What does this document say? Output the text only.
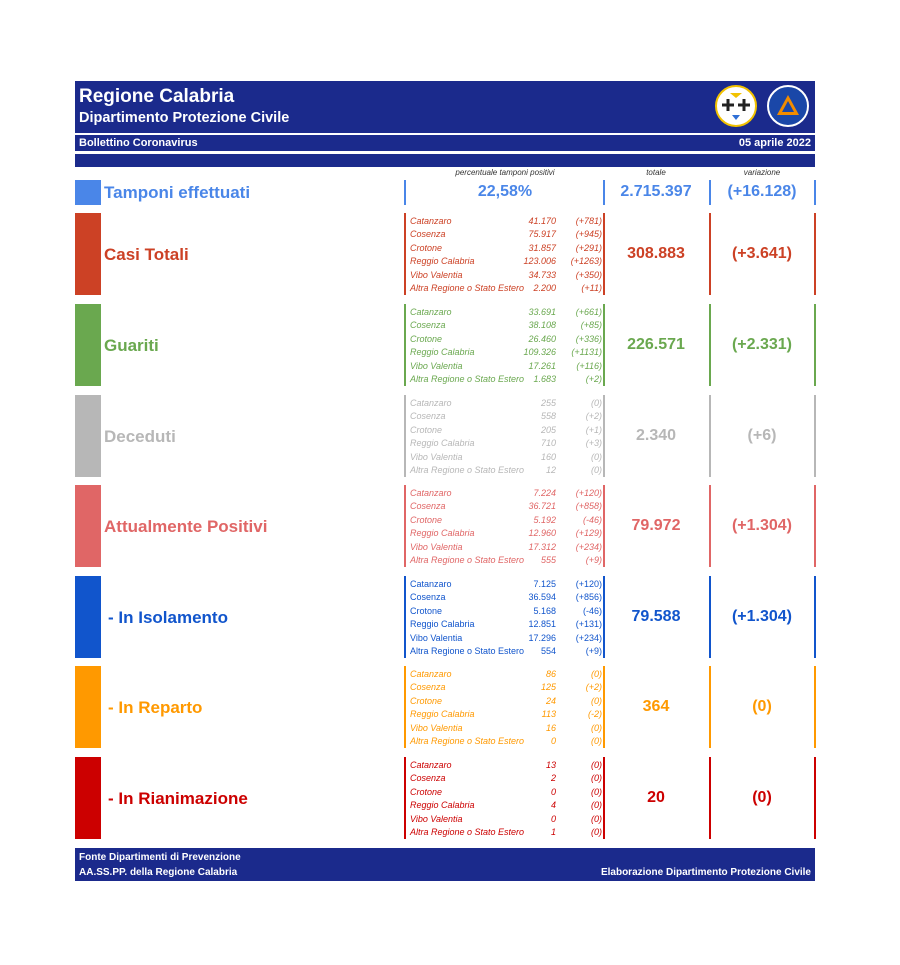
Regione Calabria
Dipartimento Protezione Civile
Bollettino Coronavirus	05 aprile 2022
percentuale tamponi positivi	totale	variazione
Tamponi effettuati	22,58%	2.715.397	(+16.128)
Casi Totali
Catanzaro	41.170	(+781)
Cosenza	75.917	(+945)
Crotone	31.857	(+291)
Reggio Calabria	123.006 (+1263)
Vibo Valentia	34.733	(+350)
Altra Regione o Stato Estero 2.200	(+11)
308.883	(+3.641)
Guariti
Catanzaro	33.691	(+661)
Cosenza	38.108	(+85)
Crotone	26.460	(+336)
Reggio Calabria	109.326 (+1131)
Vibo Valentia	17.261	(+116)
Altra Regione o Stato Estero 1.683	(+2)
226.571	(+2.331)
Deceduti
Catanzaro	255	(0)
Cosenza	558	(+2)
Crotone	205	(+1)
Reggio Calabria	710	(+3)
Vibo Valentia	160	(0)
Altra Regione o Stato Estero 12	(0)
2.340	(+6)
Attualmente Positivi
Catanzaro	7.224	(+120)
Cosenza	36.721	(+858)
Crotone	5.192	(-46)
Reggio Calabria	12.960	(+129)
Vibo Valentia	17.312	(+234)
Altra Regione o Stato Estero 555	(+9)
79.972	(+1.304)
- In Isolamento
Catanzaro	7.125	(+120)
Cosenza	36.594	(+856)
Crotone	5.168	(-46)
Reggio Calabria	12.851	(+131)
Vibo Valentia	17.296	(+234)
Altra Regione o Stato Estero 554	(+9)
79.588	(+1.304)
- In Reparto
Catanzaro	86	(0)
Cosenza	125	(+2)
Crotone	24	(0)
Reggio Calabria	113	(-2)
Vibo Valentia	16	(0)
Altra Regione o Stato Estero	0	(0)
364	(0)
- In Rianimazione
Catanzaro	13	(0)
Cosenza	2	(0)
Crotone	0	(0)
Reggio Calabria	4	(0)
Vibo Valentia	0	(0)
Altra Regione o Stato Estero	1	(0)
20	(0)
Fonte Dipartimenti di Prevenzione
AA.SS.PP. della Regione Calabria	Elaborazione Dipartimento Protezione Civile
